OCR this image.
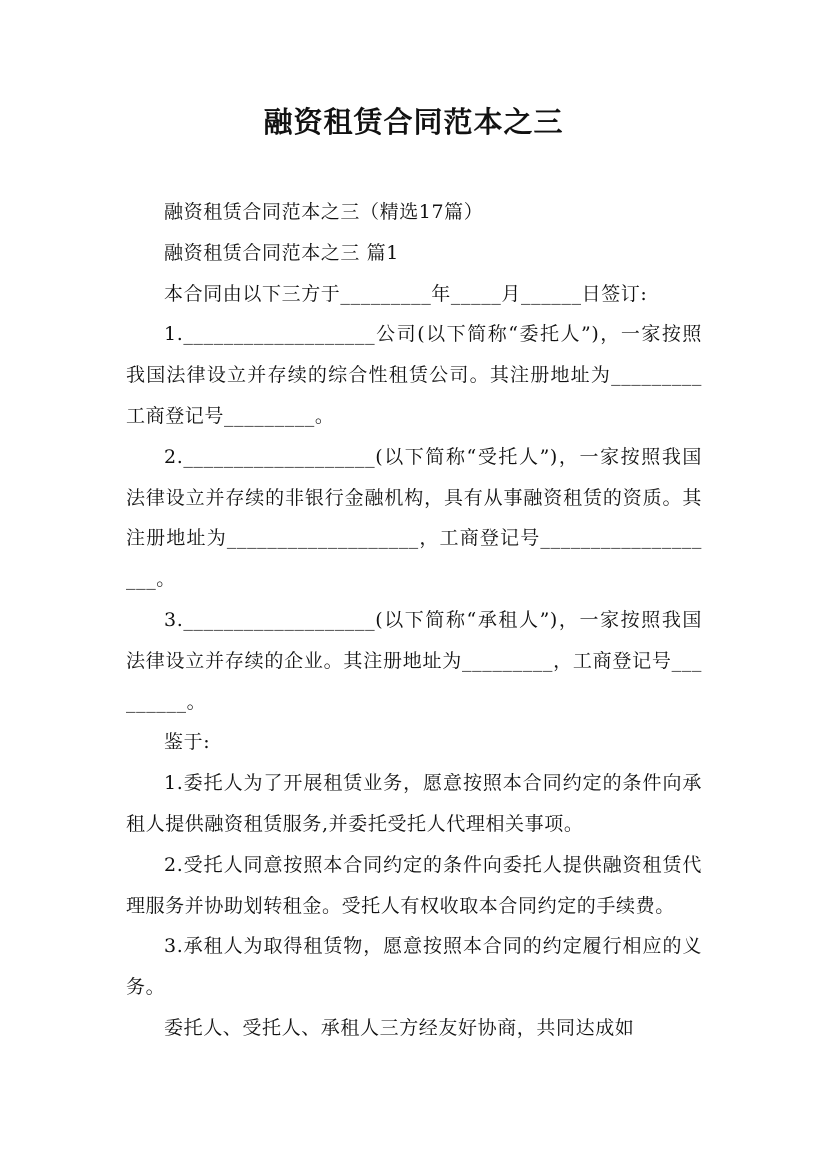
融资租赁合同范本之三

融资租赁合同范本之三（精选17篇）

融资租赁合同范本之三 篇1

本合同由以下三方于_________年_____月______日签订:

1.___________________公司(以下简称“委托人”)，一家按照我国法律设立并存续的综合性租赁公司。其注册地址为_________工商登记号_________。

2.___________________(以下简称“受托人”)，一家按照我国法律设立并存续的非银行金融机构，具有从事融资租赁的资质。其注册地址为___________________，工商登记号___________________。

3.___________________(以下简称“承租人”)，一家按照我国法律设立并存续的企业。其注册地址为_________，工商登记号_________。

鉴于:

1.委托人为了开展租赁业务，愿意按照本合同约定的条件向承租人提供融资租赁服务,并委托受托人代理相关事项。

2.受托人同意按照本合同约定的条件向委托人提供融资租赁代理服务并协助划转租金。受托人有权收取本合同约定的手续费。

3.承租人为取得租赁物，愿意按照本合同的约定履行相应的义务。

委托人、受托人、承租人三方经友好协商，共同达成如
